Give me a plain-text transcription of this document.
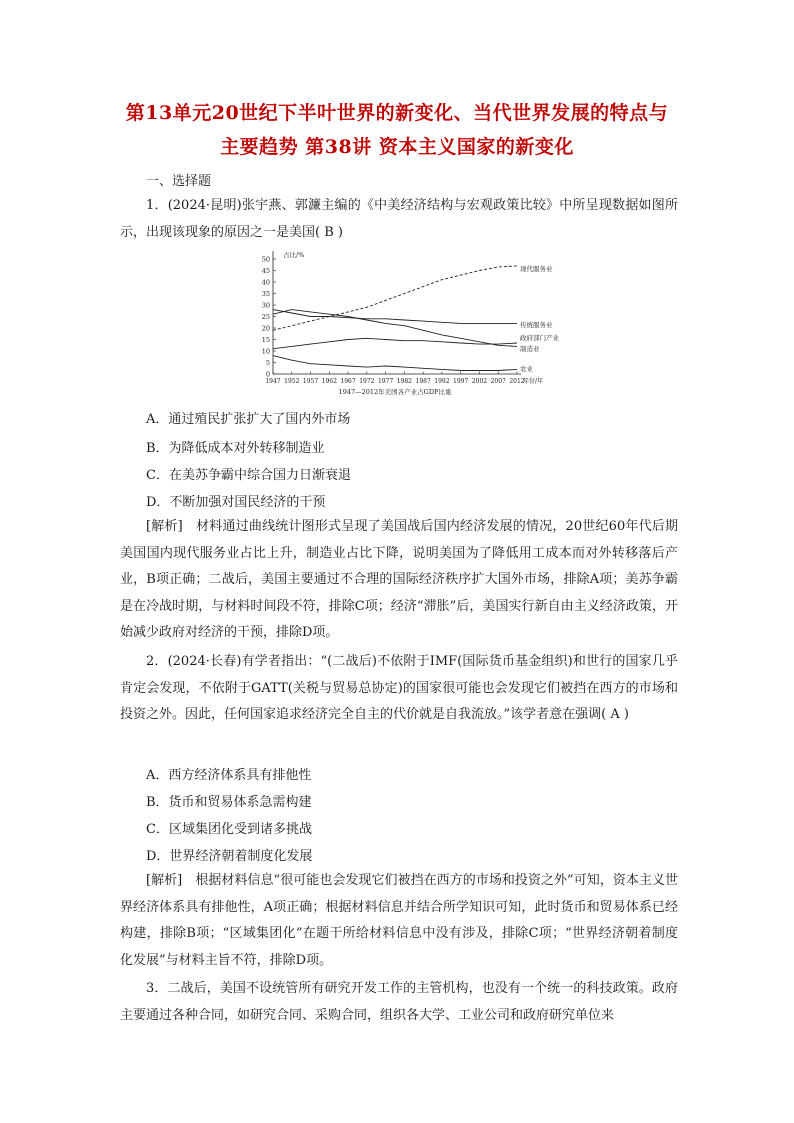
第13单元20世纪下半叶世界的新变化、当代世界发展的特点与
主要趋势 第38讲 资本主义国家的新变化
一、选择题
1．(2024·昆明)张宇燕、郭濂主编的《中美经济结构与宏观政策比较》中所呈现数据如图所示，出现该现象的原因之一是美国( B )
0
5
10
15
20
25
30
35
40
45
50
1947 1952 1957 1962 1967 1972 1977 1982 1987 1992 1997 2002 2007 2012
占比/%
年份/年
1947—2012年美国各产业占GDP比重
现代服务业
传统服务业
政府部门产业
制造业
农业
A．通过殖民扩张扩大了国内外市场
B．为降低成本对外转移制造业
C．在美苏争霸中综合国力日渐衰退
D．不断加强对国民经济的干预
[解析]　材料通过曲线统计图形式呈现了美国战后国内经济发展的情况，20世纪60年代后期美国国内现代服务业占比上升，制造业占比下降，说明美国为了降低用工成本而对外转移落后产业，B项正确；二战后，美国主要通过不合理的国际经济秩序扩大国外市场，排除A项；美苏争霸是在冷战时期，与材料时间段不符，排除C项；经济“滞胀”后，美国实行新自由主义经济政策，开始减少政府对经济的干预，排除D项。
2．(2024·长春)有学者指出：“(二战后)不依附于IMF(国际货币基金组织)和世行的国家几乎肯定会发现，不依附于GATT(关税与贸易总协定)的国家很可能也会发现它们被挡在西方的市场和投资之外。因此，任何国家追求经济完全自主的代价就是自我流放。”该学者意在强调( A )
A．西方经济体系具有排他性
B．货币和贸易体系急需构建
C．区域集团化受到诸多挑战
D．世界经济朝着制度化发展
[解析]　根据材料信息“很可能也会发现它们被挡在西方的市场和投资之外”可知，资本主义世界经济体系具有排他性，A项正确；根据材料信息并结合所学知识可知，此时货币和贸易体系已经构建，排除B项；“区域集团化”在题干所给材料信息中没有涉及，排除C项；“世界经济朝着制度化发展”与材料主旨不符，排除D项。
3．二战后，美国不设统管所有研究开发工作的主管机构，也没有一个统一的科技政策。政府主要通过各种合同，如研究合同、采购合同，组织各大学、工业公司和政府研究单位来
